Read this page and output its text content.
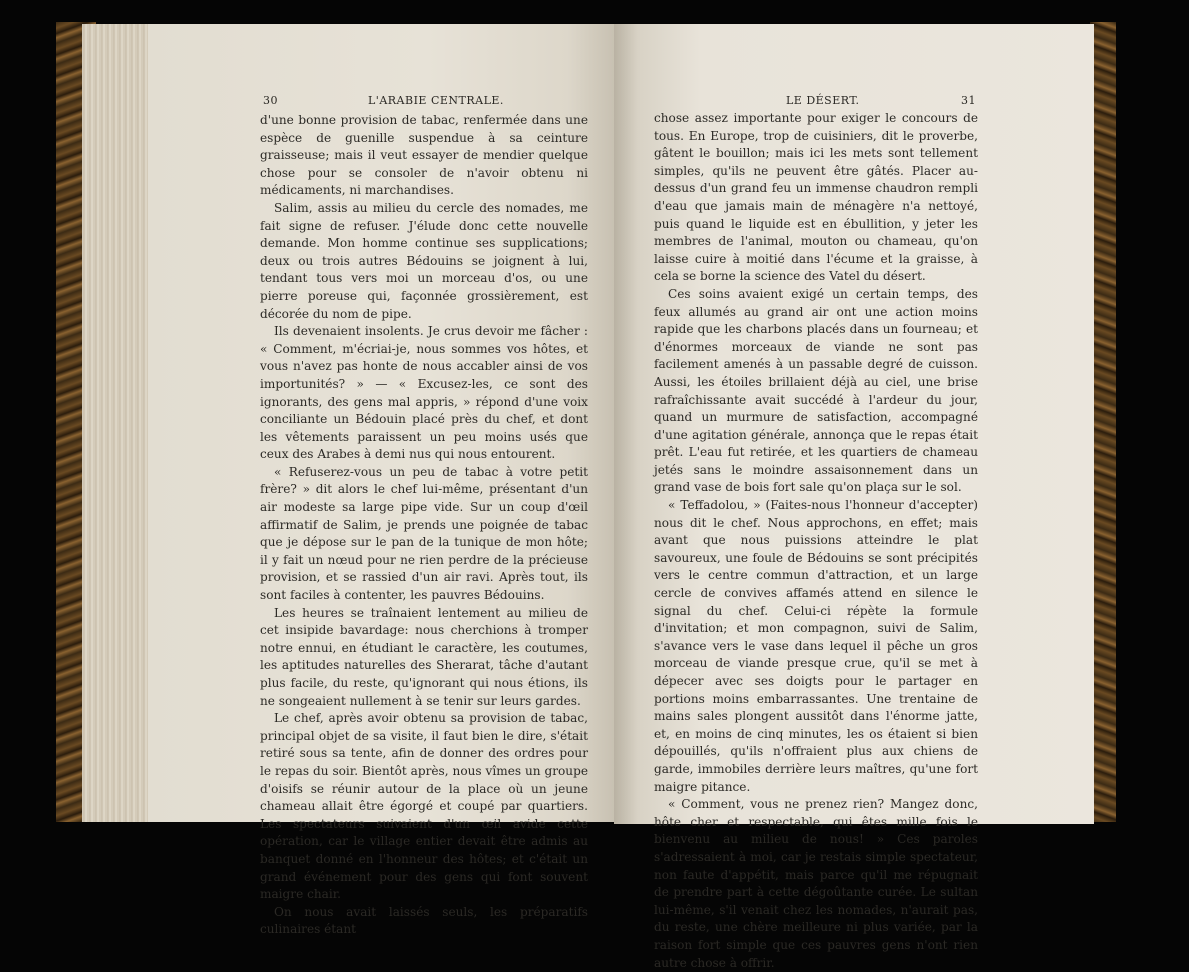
30	L'ARABIE CENTRALE.

d'une bonne provision de tabac, renfermée dans une espèce de guenille suspendue à sa ceinture graisseuse; mais il veut essayer de mendier quelque chose pour se consoler de n'avoir obtenu ni médicaments, ni marchandises.

Salim, assis au milieu du cercle des nomades, me fait signe de refuser. J'élude donc cette nouvelle demande. Mon homme continue ses supplications; deux ou trois autres Bédouins se joignent à lui, tendant tous vers moi un morceau d'os, ou une pierre poreuse qui, façonnée grossièrement, est décorée du nom de pipe.

Ils devenaient insolents. Je crus devoir me fâcher : « Comment, m'écriai-je, nous sommes vos hôtes, et vous n'avez pas honte de nous accabler ainsi de vos importunités? » — « Excusez-les, ce sont des ignorants, des gens mal appris, » répond d'une voix conciliante un Bédouin placé près du chef, et dont les vêtements paraissent un peu moins usés que ceux des Arabes à demi nus qui nous entourent.

« Refuserez-vous un peu de tabac à votre petit frère? » dit alors le chef lui-même, présentant d'un air modeste sa large pipe vide. Sur un coup d'œil affirmatif de Salim, je prends une poignée de tabac que je dépose sur le pan de la tunique de mon hôte; il y fait un nœud pour ne rien perdre de la précieuse provision, et se rassied d'un air ravi. Après tout, ils sont faciles à contenter, les pauvres Bédouins.

Les heures se traînaient lentement au milieu de cet insipide bavardage: nous cherchions à tromper notre ennui, en étudiant le caractère, les coutumes, les aptitudes naturelles des Sherarat, tâche d'autant plus facile, du reste, qu'ignorant qui nous étions, ils ne songeaient nullement à se tenir sur leurs gardes.

Le chef, après avoir obtenu sa provision de tabac, principal objet de sa visite, il faut bien le dire, s'était retiré sous sa tente, afin de donner des ordres pour le repas du soir. Bientôt après, nous vîmes un groupe d'oisifs se réunir autour de la place où un jeune chameau allait être égorgé et coupé par quartiers. Les spectateurs suivaient d'un œil avide cette opération, car le village entier devait être admis au banquet donné en l'honneur des hôtes; et c'était un grand événement pour des gens qui font souvent maigre chair.

On nous avait laissés seuls, les préparatifs culinaires étant

LE DÉSERT.	31

chose assez importante pour exiger le concours de tous. En Europe, trop de cuisiniers, dit le proverbe, gâtent le bouillon; mais ici les mets sont tellement simples, qu'ils ne peuvent être gâtés. Placer au-dessus d'un grand feu un immense chaudron rempli d'eau que jamais main de ménagère n'a nettoyé, puis quand le liquide est en ébullition, y jeter les membres de l'animal, mouton ou chameau, qu'on laisse cuire à moitié dans l'écume et la graisse, à cela se borne la science des Vatel du désert.

Ces soins avaient exigé un certain temps, des feux allumés au grand air ont une action moins rapide que les charbons placés dans un fourneau; et d'énormes morceaux de viande ne sont pas facilement amenés à un passable degré de cuisson. Aussi, les étoiles brillaient déjà au ciel, une brise rafraîchissante avait succédé à l'ardeur du jour, quand un murmure de satisfaction, accompagné d'une agitation générale, annonça que le repas était prêt. L'eau fut retirée, et les quartiers de chameau jetés sans le moindre assaisonnement dans un grand vase de bois fort sale qu'on plaça sur le sol.

« Teffadolou, » (Faites-nous l'honneur d'accepter) nous dit le chef. Nous approchons, en effet; mais avant que nous puissions atteindre le plat savoureux, une foule de Bédouins se sont précipités vers le centre commun d'attraction, et un large cercle de convives affamés attend en silence le signal du chef. Celui-ci répète la formule d'invitation; et mon compagnon, suivi de Salim, s'avance vers le vase dans lequel il pêche un gros morceau de viande presque crue, qu'il se met à dépecer avec ses doigts pour le partager en portions moins embarrassantes. Une trentaine de mains sales plongent aussitôt dans l'énorme jatte, et, en moins de cinq minutes, les os étaient si bien dépouillés, qu'ils n'offraient plus aux chiens de garde, immobiles derrière leurs maîtres, qu'une fort maigre pitance.

« Comment, vous ne prenez rien? Mangez donc, hôte cher et respectable, qui êtes mille fois le bienvenu au milieu de nous! » Ces paroles s'adressaient à moi, car je restais simple spectateur, non faute d'appétit, mais parce qu'il me répugnait de prendre part à cette dégoûtante curée. Le sultan lui-même, s'il venait chez les nomades, n'aurait pas, du reste, une chère meilleure ni plus variée, par la raison fort simple que ces pauvres gens n'ont rien autre chose à offrir.
